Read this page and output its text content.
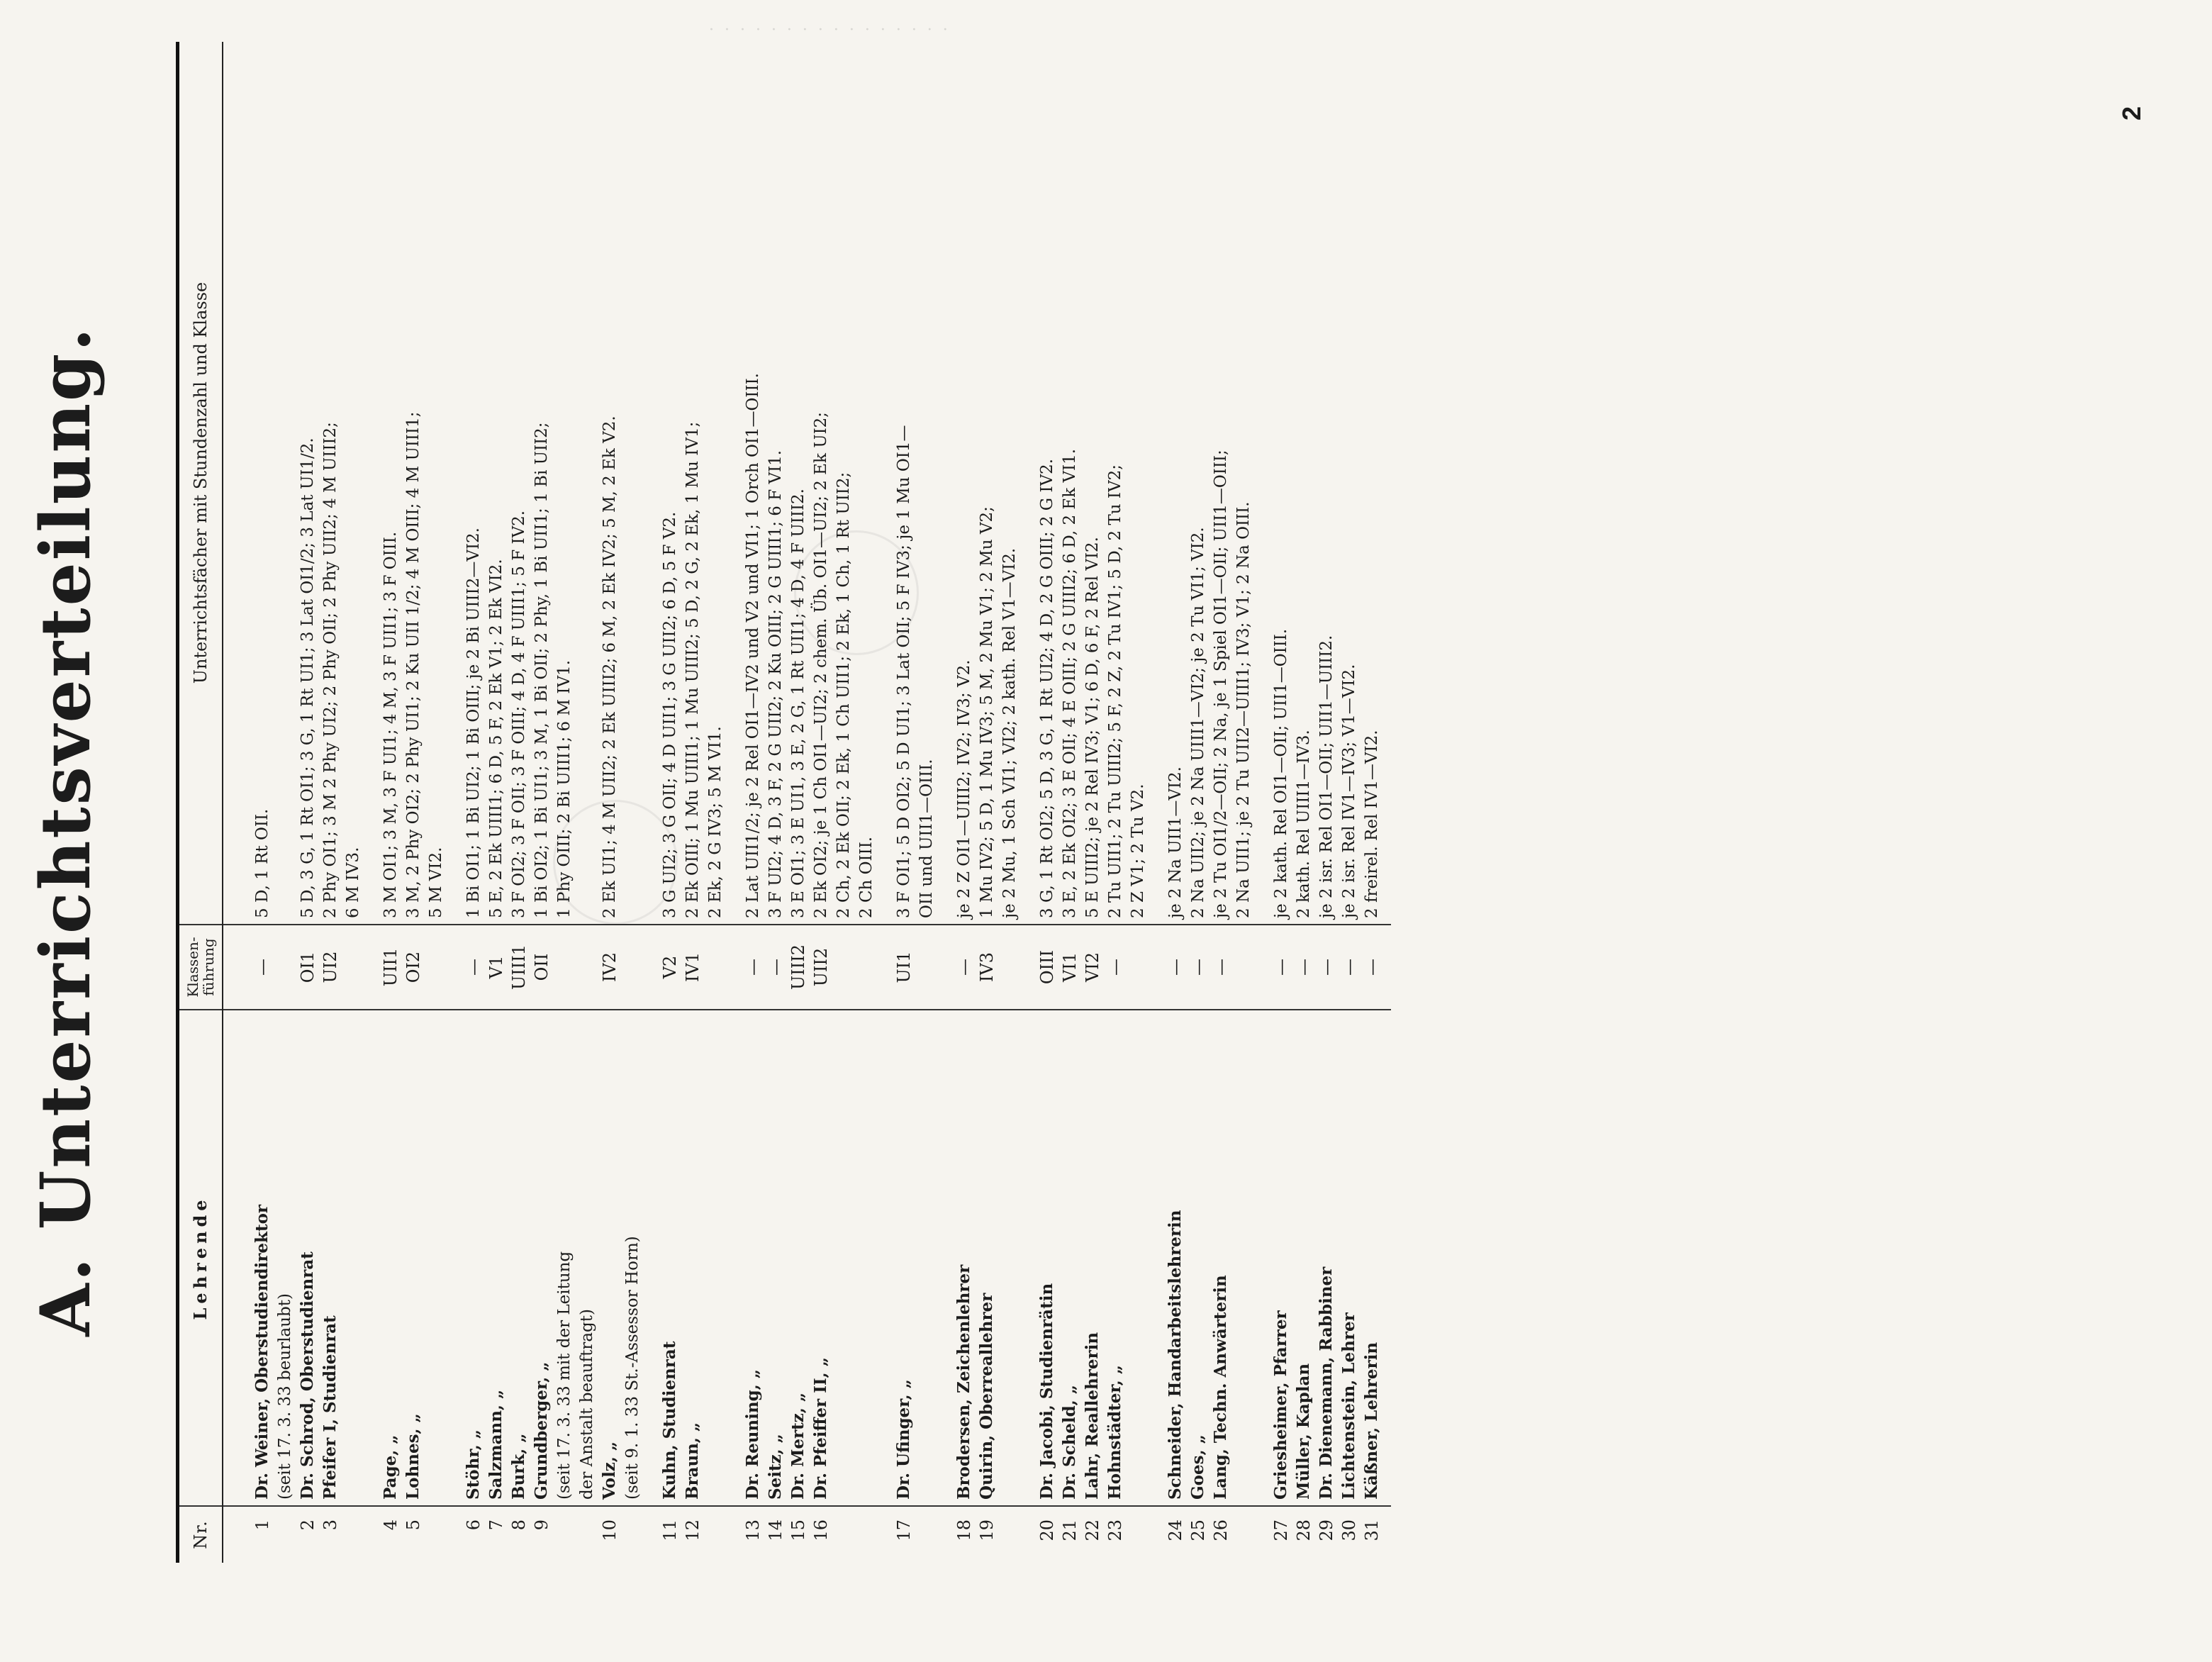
A. Unterrichtsverteilung.
Nr.	Lehrende	Klassen-
führung	Unterrichtsfächer mit Stundenzahl und Klasse
1	Dr. Weiner, Oberstudiendirektor	—	5 D, 1 Rt OII.
	(seit 17. 3. 33 beurlaubt)		
2	Dr. Schrod, Oberstudienrat	OI1	5 D, 3 G, 1 Rt OI1; 3 G, 1 Rt UI1; 3 Lat OI1/2; 3 Lat UI1/2.
3	Pfeifer I, Studienrat	UI2	2 Phy OI1; 3 M 2 Phy UI2; 2 Phy OII; 2 Phy UII2; 4 M UIII2;
			6 M IV3.
4	Page, „	UII1	3 M OI1; 3 M, 3 F UI1; 4 M, 3 F UII1; 3 F OIII.
5	Lohnes, „	OI2	3 M, 2 Phy OI2; 2 Phy UI1; 2 Ku UII 1/2; 4 M OIII; 4 M UIII1;
			5 M VI2.
6	Stöhr, „	—	1 Bi OI1; 1 Bi UI2; 1 Bi OIII; je 2 Bi UIII2—VI2.
7	Salzmann, „	V1	5 E, 2 Ek UIII1; 6 D, 5 F, 2 Ek V1; 2 Ek VI2.
8	Burk, „	UIII1	3 F OI2; 3 F OII; 3 F OIII; 4 D, 4 F UIII1; 5 F IV2.
9	Grundberger, „	OII	1 Bi OI2; 1 Bi UI1; 3 M, 1 Bi OII; 2 Phy, 1 Bi UII1; 1 Bi UII2;
	(seit 17. 3. 33 mit der Leitung		1 Phy OIII; 2 Bi UIII1; 6 M IV1.
	der Anstalt beauftragt)		
10	Volz, „	IV2	2 Ek UI1; 4 M UII2; 2 Ek UIII2; 6 M, 2 Ek IV2; 5 M, 2 Ek V2.
	(seit 9. 1. 33 St.-Assessor Horn)		
11	Kuhn, Studienrat	V2	3 G UI2; 3 G OII; 4 D UII1; 3 G UII2; 6 D, 5 F V2.
12	Braun, „	IV1	2 Ek OIII; 1 Mu UIII1; 1 Mu UIII2; 5 D, 2 G, 2 Ek, 1 Mu IV1;
			2 Ek, 2 G IV3; 5 M VI1.
13	Dr. Reuning, „	—	2 Lat UII1/2; je 2 Rel OI1—IV2 und V2 und VI1; 1 Orch OI1—OIII.
14	Seitz, „	—	3 F UI2; 4 D, 3 F, 2 G UII2; 2 Ku OIII; 2 G UIII1; 6 F VI1.
15	Dr. Mertz, „	UIII2	3 E OI1; 3 E UI1, 3 E, 2 G, 1 Rt UII1; 4 D, 4 F UIII2.
16	Dr. Pfeiffer II, „	UII2	2 Ek OI2; je 1 Ch OI1—UI2; 2 chem. Üb. OI1—UI2; 2 Ek UI2;
			2 Ch, 2 Ek OII; 2 Ek, 1 Ch UII1; 2 Ek, 1 Ch, 1 Rt UII2;
			2 Ch OIII.
17	Dr. Ufinger, „	UI1	3 F OI1; 5 D OI2; 5 D UI1; 3 Lat OII; 5 F IV3; je 1 Mu OI1—
			OII und UII1—OIII.
18	Brodersen, Zeichenlehrer	—	je 2 Z OI1—UIII2; IV2; IV3; V2.
19	Quirin, Oberreallehrer	IV3	1 Mu IV2; 5 D, 1 Mu IV3; 5 M, 2 Mu V1; 2 Mu V2;
			je 2 Mu, 1 Sch VI1; VI2; 2 kath. Rel V1—VI2.
20	Dr. Jacobi, Studienrätin	OIII	3 G, 1 Rt OI2; 5 D, 3 G, 1 Rt UI2; 4 D, 2 G OIII; 2 G IV2.
21	Dr. Scheld, „	VI1	3 E, 2 Ek OI2; 3 E OII; 4 E OIII; 2 G UIII2; 6 D, 2 Ek VI1.
22	Lahr, Reallehrerin	VI2	5 E UIII2; je 2 Rel IV3; V1; 6 D, 6 F, 2 Rel VI2.
23	Hohnstädter, „	—	2 Tu UII1; 2 Tu UIII2; 5 F, 2 Z, 2 Tu IV1; 5 D, 2 Tu IV2;
			2 Z V1; 2 Tu V2.
24	Schneider, Handarbeitslehrerin	—	je 2 Na UII1—VI2.
25	Goes, „	—	2 Na UII2; je 2 Na UIII1—VI2; je 2 Tu VI1; VI2.
26	Lang, Techn. Anwärterin	—	je 2 Tu OI1/2—OII; 2 Na, je 1 Spiel OI1—OII; UII1—OIII;
			2 Na UII1; je 2 Tu UII2—UIII1; IV3; V1; 2 Na OIII.
27	Griesheimer, Pfarrer	—	je 2 kath. Rel OI1—OII; UII1—OIII.
28	Müller, Kaplan	—	2 kath. Rel UIII1—IV3.
29	Dr. Dienemann, Rabbiner	—	je 2 isr. Rel OI1—OII; UII1—UIII2.
30	Lichtenstein, Lehrer	—	je 2 isr. Rel IV1—IV3; V1—VI2.
31	Käßner, Lehrerin	—	2 freirel. Rel IV1—VI2.
· · · · · · · · · · · · · · · ·
2
